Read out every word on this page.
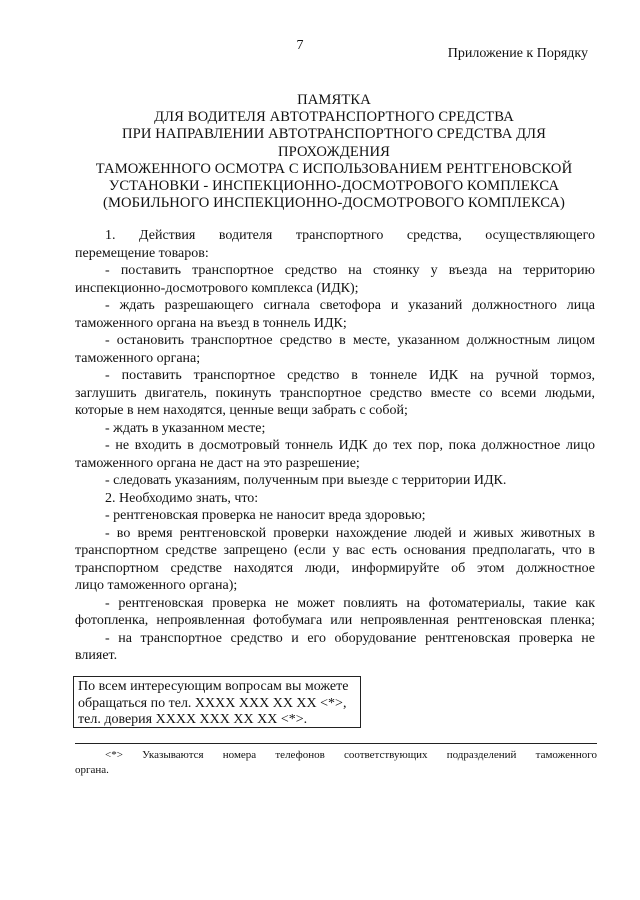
7
Приложение к Порядку
ПАМЯТКА
ДЛЯ ВОДИТЕЛЯ АВТОТРАНСПОРТНОГО СРЕДСТВА
ПРИ НАПРАВЛЕНИИ АВТОТРАНСПОРТНОГО СРЕДСТВА ДЛЯ
ПРОХОЖДЕНИЯ
ТАМОЖЕННОГО ОСМОТРА С ИСПОЛЬЗОВАНИЕМ РЕНТГЕНОВСКОЙ
УСТАНОВКИ - ИНСПЕКЦИОННО-ДОСМОТРОВОГО КОМПЛЕКСА
(МОБИЛЬНОГО ИНСПЕКЦИОННО-ДОСМОТРОВОГО КОМПЛЕКСА)
1. Действия водителя транспортного средства, осуществляющего
перемещение товаров:
- поставить транспортное средство на стоянку у въезда на территорию
инспекционно-досмотрового комплекса (ИДК);
- ждать разрешающего сигнала светофора и указаний должностного лица
таможенного органа на въезд в тоннель ИДК;
- остановить транспортное средство в месте, указанном должностным лицом
таможенного органа;
- поставить транспортное средство в тоннеле ИДК на ручной тормоз,
заглушить двигатель, покинуть транспортное средство вместе со всеми людьми,
которые в нем находятся, ценные вещи забрать с собой;
- ждать в указанном месте;
- не входить в досмотровый тоннель ИДК до тех пор, пока должностное лицо
таможенного органа не даст на это разрешение;
- следовать указаниям, полученным при выезде с территории ИДК.
2. Необходимо знать, что:
- рентгеновская проверка не наносит вреда здоровью;
- во время рентгеновской проверки нахождение людей и живых животных в
транспортном средстве запрещено (если у вас есть основания предполагать, что в
транспортном средстве находятся люди, информируйте об этом должностное
лицо таможенного органа);
- рентгеновская проверка не может повлиять на фотоматериалы, такие как
фотопленка, непроявленная фотобумага или непроявленная рентгеновская пленка;
- на транспортное средство и его оборудование рентгеновская проверка не
влияет.
По всем интересующим вопросам вы можете
обращаться по тел. ХХХХ ХХХ ХХ ХХ <*>,
тел. доверия ХХХХ ХХХ ХХ ХХ <*>.
<*> Указываются номера телефонов соответствующих подразделений таможенного
органа.
